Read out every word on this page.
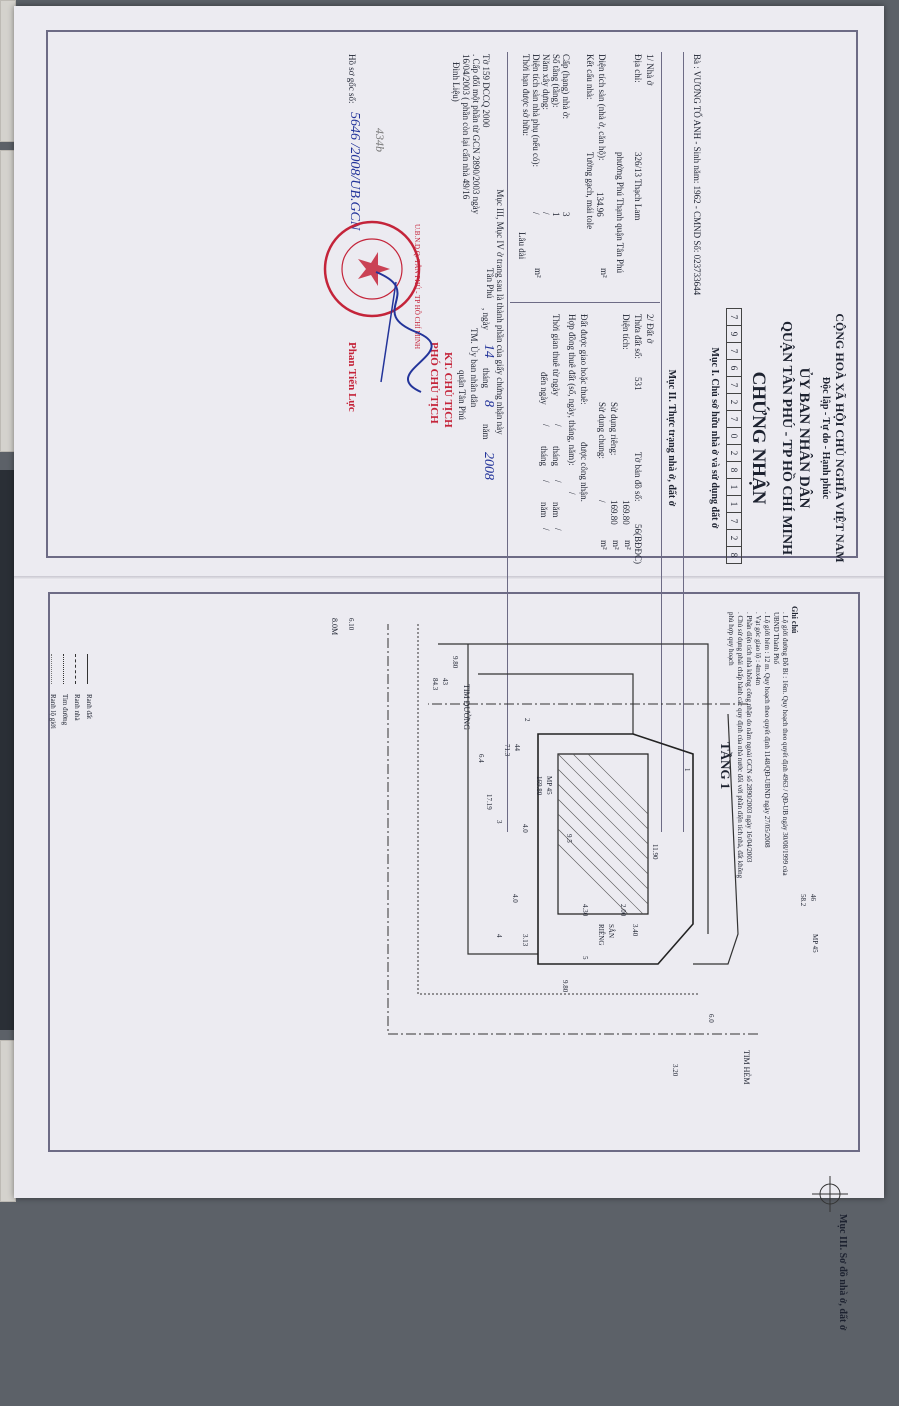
CỘNG HOÀ XÃ HỘI CHỦ NGHĨA VIỆT NAM
Độc lập - Tự do - Hạnh phúc
ỦY BAN NHÂN DÂN
QUẬN TÂN PHÚ - TP HỒ CHÍ MINH
CHỨNG NHẬN
7
9
7
6
7
2
7
0
2
8
1
1
7
2
8
Mục I. Chủ sở hữu nhà ở và sử dụng đất ở
Bà : VƯƠNG TỐ ANH - Sinh năm: 1962 - CMND Số: 023733644
Mục II. Thực trạng nhà ở, đất ở
1/ Nhà ở
Địa chỉ:
326/13 Thạch Lam
phường Phú Thạnh quận Tân Phú
Diện tích sàn (nhà ở, căn hộ):
134.96
m²
Kết cấu nhà:
Tường gạch, mái tole
Cấp (hạng) nhà ở:
3
Số tầng (tầng):
1
Năm xây dựng:
/
Diện tích sàn nhà phụ (nếu có):
/
m²
Thời hạn được sở hữu:
Lâu dài
2/ Đất ở
Thửa đất số:
531
Tờ bản đồ số:
56(BĐĐC)
Diện tích:
169.80
m²
Sử dụng riêng:
169.80
m²
Sử dụng chung:
/
m²
Đất được giao hoặc thuê:
được công nhận.
Hợp đồng thuê đất (số, ngày, tháng, năm):
/
Thời gian thuê từ ngày
/
tháng
/
năm
/
đến ngày
/
tháng
/
năm
/
Mục III, Mục IV ở trang sau là thành phần của giấy chứng nhận này
Tờ 159 DCCQ 2000
. Cấp đổi một phần từ GCN 2890/2003 ngày
16/04/2003 ( phần còn lại cấn nhà 49/16
Đình Liệu)
Tân Phú
, ngày
14
tháng
8
năm
2008
TM. Ủy ban nhân dân
quận Tân Phú
KT. CHỦ TỊCH
PHÓ CHỦ TỊCH
Phan Tiến Lực
Hồ sơ gốc số:
5646 /2008/UB.GCN 434b
U.B.N.D Q. TÂN PHÚ - TP HỒ CHÍ MINH
Mục III. Sơ đồ nhà ở, đất ở
TẦNG 1
TIM ĐƯỜNG
TIM HẺM
SÂN
RIÊNG
46
58.2
43
84.3
44
71.3
MP 45
169.80
MP 45
8.0M 6.10
9.80
9.80
11.90
2.00
3.40
4.30
17.19
6.4
9.5
4.0
4.0
3.13
6.0
3.20
1
2
3
4
5
Ghi chú
. Lộ giới đường Đỗ Bí : 16m. Quy hoạch theo quyết định 4963 / QĐ-UB ngày 30/08/1999 của
UBND Thành Phố
. Lộ giới hẻm : 12 m. Quy hoạch theo quyết định 1148/QĐ-UBND ngày 27/05/2008
. Vạt góc giao lộ : 4mx4m
. Phần diện tích nhà không công nhận do nằm ngoài GCN số 2890/2003 ngày 16/04/2003
. Chủ sử dụng phải chấp hành các quy định của nhà nước đối với phần diện tích nhà, đất không
phù hợp quy hoạch
Ranh đất
Ranh nhà
Tim đường
Ranh lộ giới
